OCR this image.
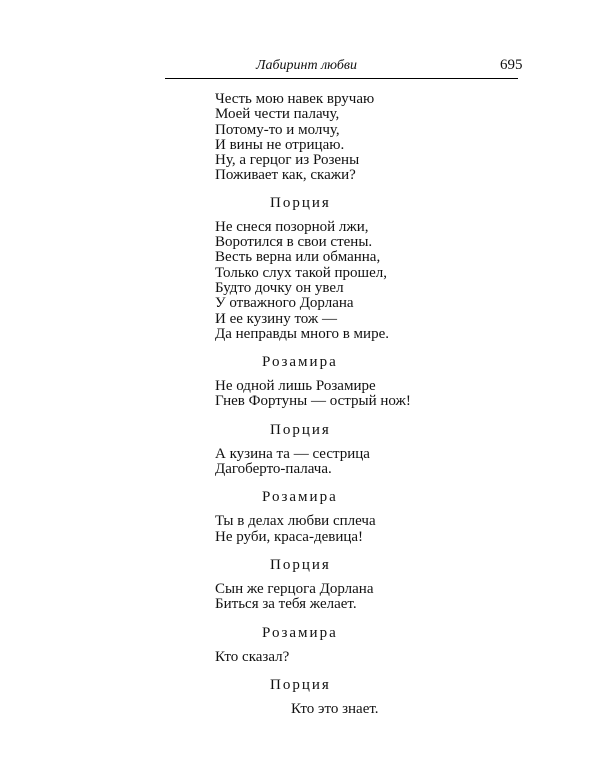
Лабиринт любви	695
Честь мою навек вручаю
Моей чести палачу,
Потому-то и молчу,
И вины не отрицаю.
Ну, а герцог из Розены
Поживает как, скажи?
Порция
Не снеся позорной лжи,
Воротился в свои стены.
Весть верна или обманна,
Только слух такой прошел,
Будто дочку он увел
У отважного Дорлана
И ее кузину тож —
Да неправды много в мире.
Розамира
Не одной лишь Розамире
Гнев Фортуны — острый нож!
Порция
А кузина та — сестрица
Дагоберто-палача.
Розамира
Ты в делах любви сплеча
Не руби, краса-девица!
Порция
Сын же герцога Дорлана
Биться за тебя желает.
Розамира
Кто сказал?
Порция
Кто это знает.
